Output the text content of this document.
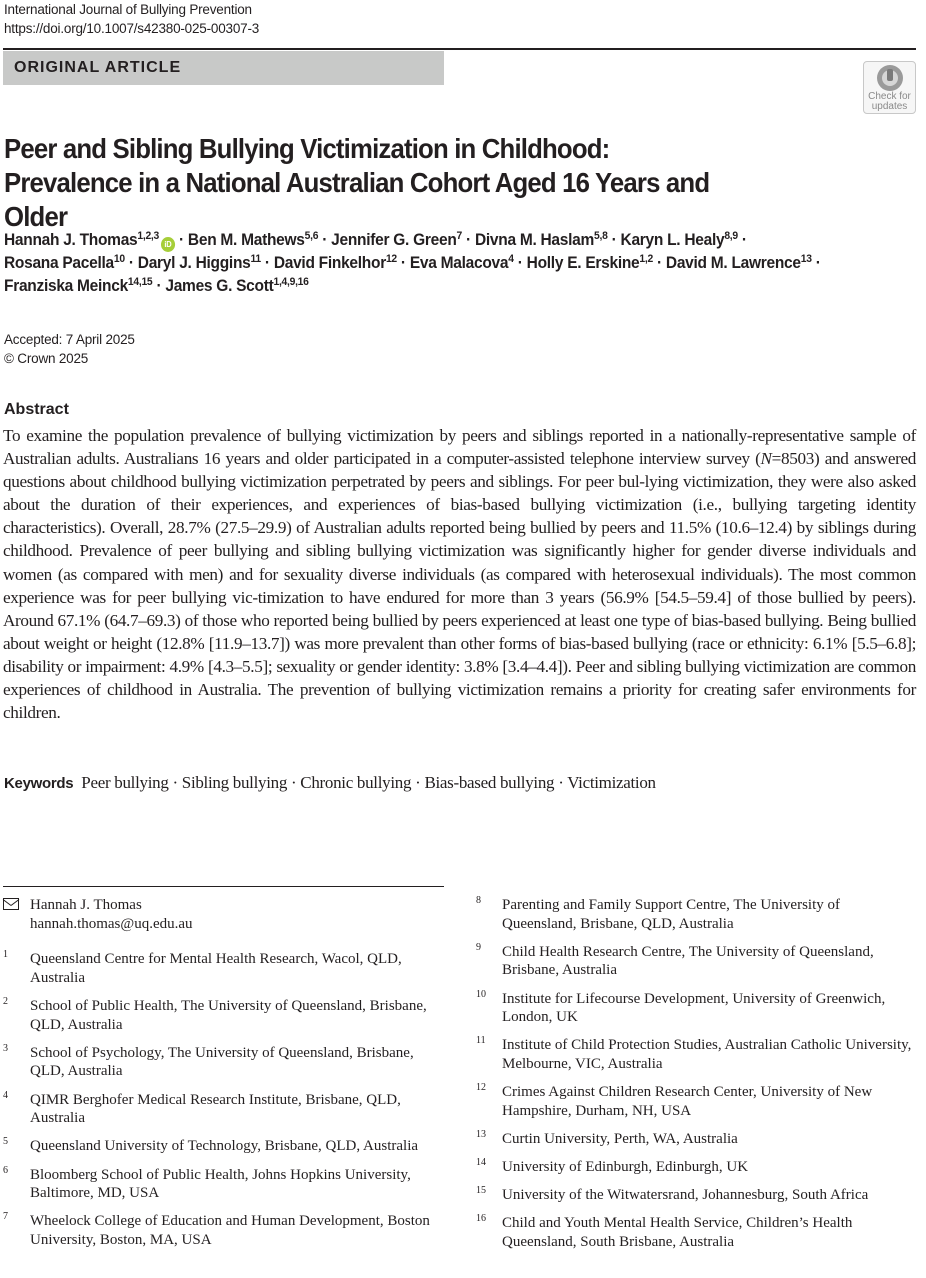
International Journal of Bullying Prevention
https://doi.org/10.1007/s42380-025-00307-3
ORIGINAL ARTICLE
Check for updates
Peer and Sibling Bullying Victimization in Childhood: Prevalence in a National Australian Cohort Aged 16 Years and Older
Hannah J. Thomas$^{1,2,3}$iD · Ben M. Mathews$^{5,6}$ · Jennifer G. Green$^7$ · Divna M. Haslam$^{5,8}$ · Karyn L. Healy$^{8,9}$ ·
Rosana Pacella$^{10}$ · Daryl J. Higgins$^{11}$ · David Finkelhor$^{12}$ · Eva Malacova$^4$ · Holly E. Erskine$^{1,2}$ · David M. Lawrence$^{13}$ ·
Franziska Meinck$^{14,15}$ · James G. Scott$^{1,4,9,16}$
Accepted: 7 April 2025
© Crown 2025
Abstract

To examine the population prevalence of bullying victimization by peers and siblings reported in a nationally-representative sample of Australian adults. Australians 16 years and older participated in a computer-assisted telephone interview survey (N=8503) and answered questions about childhood bullying victimization perpetrated by peers and siblings. For peer bul-lying victimization, they were also asked about the duration of their experiences, and experiences of bias-based bullying victimization (i.e., bullying targeting identity characteristics). Overall, 28.7% (27.5–29.9) of Australian adults reported being bullied by peers and 11.5% (10.6–12.4) by siblings during childhood. Prevalence of peer bullying and sibling bullying victimization was significantly higher for gender diverse individuals and women (as compared with men) and for sexuality diverse individuals (as compared with heterosexual individuals). The most common experience was for peer bullying vic-timization to have endured for more than 3 years (56.9% [54.5–59.4] of those bullied by peers). Around 67.1% (64.7–69.3) of those who reported being bullied by peers experienced at least one type of bias-based bullying. Being bullied about weight or height (12.8% [11.9–13.7]) was more prevalent than other forms of bias-based bullying (race or ethnicity: 6.1% [5.5–6.8]; disability or impairment: 4.9% [4.3–5.5]; sexuality or gender identity: 3.8% [3.4–4.4]). Peer and sibling bullying victimization are common experiences of childhood in Australia. The prevention of bullying victimization remains a priority for creating safer environments for children.

Keywords Peer bullying · Sibling bullying · Chronic bullying · Bias-based bullying · Victimization
Hannah J. Thomas
hannah.thomas@uq.edu.au
1 Queensland Centre for Mental Health Research, Wacol, QLD, Australia
2 School of Public Health, The University of Queensland, Brisbane, QLD, Australia
3 School of Psychology, The University of Queensland, Brisbane, QLD, Australia
4 QIMR Berghofer Medical Research Institute, Brisbane, QLD, Australia
5 Queensland University of Technology, Brisbane, QLD, Australia
6 Bloomberg School of Public Health, Johns Hopkins University, Baltimore, MD, USA
7 Wheelock College of Education and Human Development, Boston University, Boston, MA, USA
8 Parenting and Family Support Centre, The University of Queensland, Brisbane, QLD, Australia
9 Child Health Research Centre, The University of Queensland, Brisbane, Australia
10 Institute for Lifecourse Development, University of Greenwich, London, UK
11 Institute of Child Protection Studies, Australian Catholic University, Melbourne, VIC, Australia
12 Crimes Against Children Research Center, University of New Hampshire, Durham, NH, USA
13 Curtin University, Perth, WA, Australia
14 University of Edinburgh, Edinburgh, UK
15 University of the Witwatersrand, Johannesburg, South Africa
16 Child and Youth Mental Health Service, Children’s Health Queensland, South Brisbane, Australia
